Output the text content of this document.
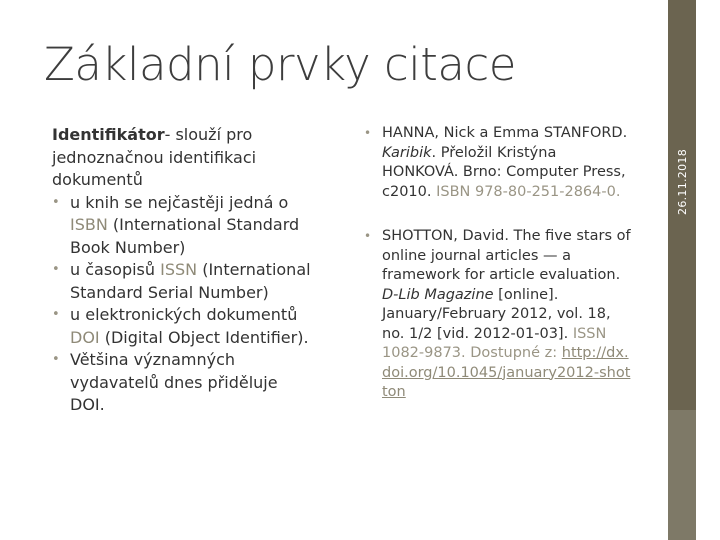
26.11.2018
Základní prvky citace
Identifikátor- slouží pro jednoznačnou identifikaci dokumentů
• u knih se nejčastěji jedná o ISBN (International Standard Book Number)
• u časopisů ISSN (International Standard Serial Number)
• u elektronických dokumentů DOI (Digital Object Identifier).
• Většina významných vydavatelů dnes přiděluje DOI.
• HANNA, Nick a Emma STANFORD. Karibik. Přeložil Kristýna HONKOVÁ. Brno: Computer Press, c2010. ISBN 978-80-251-2864-0.
• SHOTTON, David. The five stars of online journal articles — a framework for article evaluation. D-Lib Magazine [online]. January/February 2012, vol. 18, no. 1/2 [vid. 2012-01-03]. ISSN 1082-9873. Dostupné z: http://dx.doi.org/10.1045/january2012-shotton
